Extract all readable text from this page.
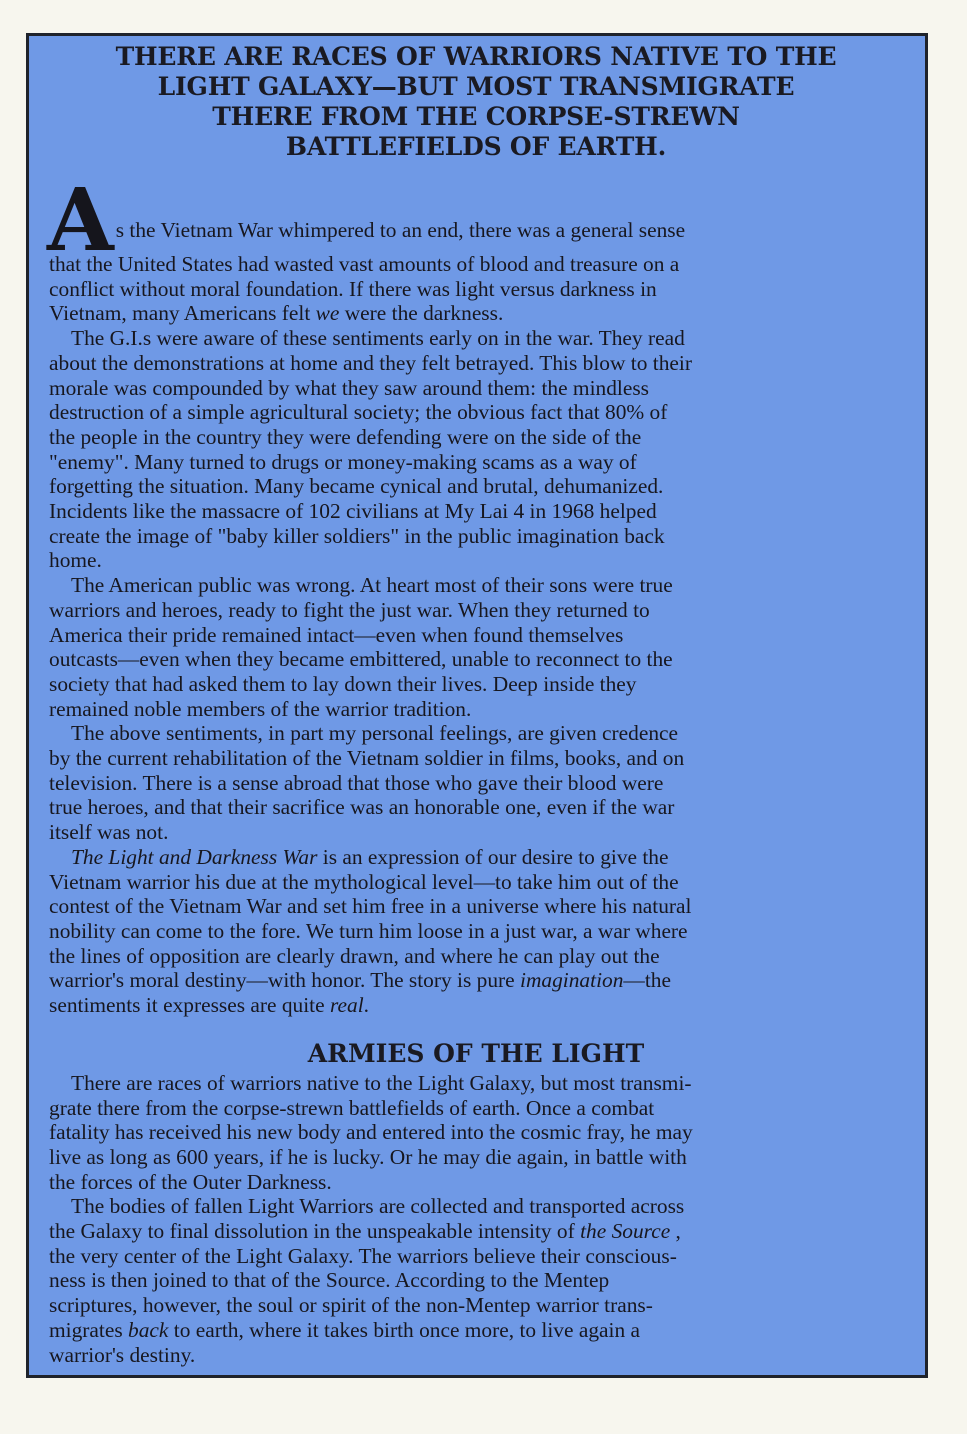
THERE ARE RACES OF WARRIORS NATIVE TO THE
LIGHT GALAXY—BUT MOST TRANSMIGRATE
THERE FROM THE CORPSE-STREWN
BATTLEFIELDS OF EARTH.

A s the Vietnam War whimpered to an end, there was a general sense
that the United States had wasted vast amounts of blood and treasure on a
conflict without moral foundation. If there was light versus darkness in
Vietnam, many Americans felt we were the darkness.

The G.I.s were aware of these sentiments early on in the war. They read
about the demonstrations at home and they felt betrayed. This blow to their
morale was compounded by what they saw around them: the mindless
destruction of a simple agricultural society; the obvious fact that 80% of
the people in the country they were defending were on the side of the
"enemy". Many turned to drugs or money-making scams as a way of
forgetting the situation. Many became cynical and brutal, dehumanized.
Incidents like the massacre of 102 civilians at My Lai 4 in 1968 helped
create the image of "baby killer soldiers" in the public imagination back
home.

The American public was wrong. At heart most of their sons were true
warriors and heroes, ready to fight the just war. When they returned to
America their pride remained intact—even when found themselves
outcasts—even when they became embittered, unable to reconnect to the
society that had asked them to lay down their lives. Deep inside they
remained noble members of the warrior tradition.

The above sentiments, in part my personal feelings, are given credence
by the current rehabilitation of the Vietnam soldier in films, books, and on
television. There is a sense abroad that those who gave their blood were
true heroes, and that their sacrifice was an honorable one, even if the war
itself was not.

The Light and Darkness War is an expression of our desire to give the
Vietnam warrior his due at the mythological level—to take him out of the
contest of the Vietnam War and set him free in a universe where his natural
nobility can come to the fore. We turn him loose in a just war, a war where
the lines of opposition are clearly drawn, and where he can play out the
warrior's moral destiny—with honor. The story is pure imagination—the
sentiments it expresses are quite real.

ARMIES OF THE LIGHT

There are races of warriors native to the Light Galaxy, but most transmi-
grate there from the corpse-strewn battlefields of earth. Once a combat
fatality has received his new body and entered into the cosmic fray, he may
live as long as 600 years, if he is lucky. Or he may die again, in battle with
the forces of the Outer Darkness.

The bodies of fallen Light Warriors are collected and transported across
the Galaxy to final dissolution in the unspeakable intensity of the Source ,
the very center of the Light Galaxy. The warriors believe their conscious-
ness is then joined to that of the Source. According to the Mentep
scriptures, however, the soul or spirit of the non-Mentep warrior trans-
migrates back to earth, where it takes birth once more, to live again a
warrior's destiny.
